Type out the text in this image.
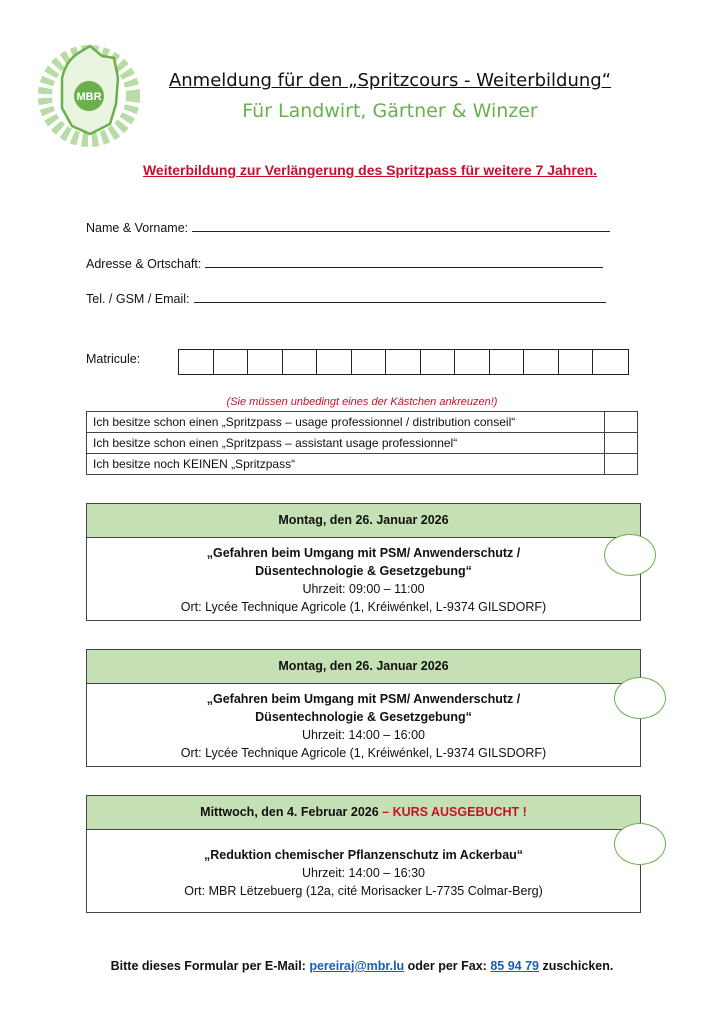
MBR
Anmeldung für den „Spritzcours - Weiterbildung“
Für Landwirt, Gärtner & Winzer
Weiterbildung zur Verlängerung des Spritzpass für weitere 7 Jahren.
Name & Vorname:
Adresse & Ortschaft:
Tel. / GSM / Email:
Matricule:
(Sie müssen unbedingt eines der Kästchen ankreuzen!)
Ich besitze schon einen „Spritzpass – usage professionnel / distribution conseil“	
Ich besitze schon einen „Spritzpass – assistant usage professionnel“	
Ich besitze noch KEINEN „Spritzpass“	
Montag, den 26. Januar 2026
„Gefahren beim Umgang mit PSM/ Anwenderschutz /
Düsentechnologie & Gesetzgebung“
Uhrzeit: 09:00 – 11:00
Ort: Lycée Technique Agricole (1, Kréiwénkel, L-9374 GILSDORF)
Montag, den 26. Januar 2026
„Gefahren beim Umgang mit PSM/ Anwenderschutz /
Düsentechnologie & Gesetzgebung“
Uhrzeit: 14:00 – 16:00
Ort: Lycée Technique Agricole (1, Kréiwénkel, L-9374 GILSDORF)
Mittwoch, den 4. Februar 2026 – KURS AUSGEBUCHT !
„Reduktion chemischer Pflanzenschutz im Ackerbau“
Uhrzeit: 14:00 – 16:30
Ort: MBR Lëtzebuerg (12a, cité Morisacker L-7735 Colmar-Berg)
Bitte dieses Formular per E-Mail: pereiraj@mbr.lu oder per Fax: 85 94 79 zuschicken.
